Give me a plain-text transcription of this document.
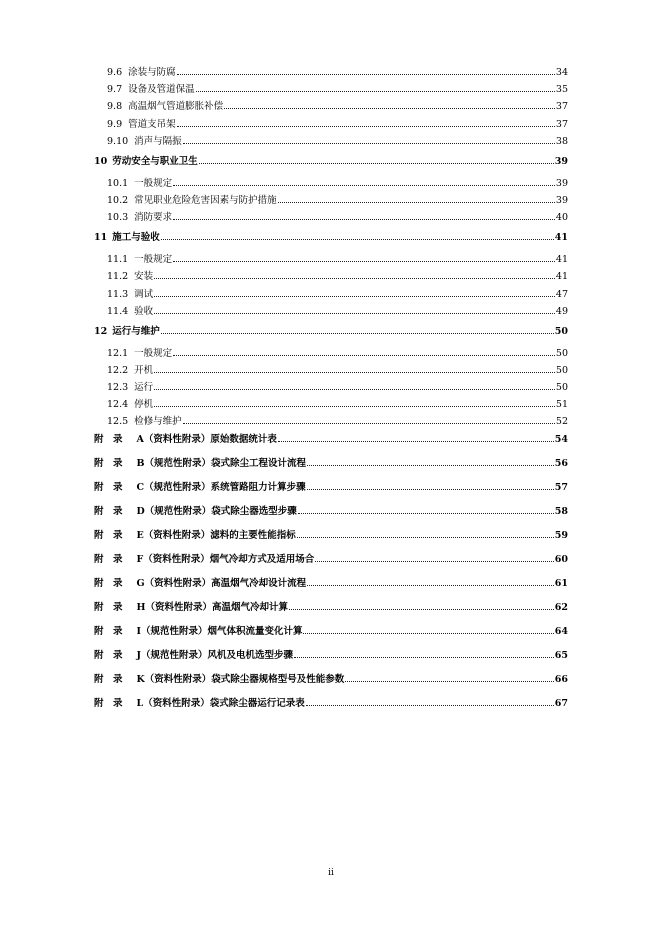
9.6 涂装与防腐	34
9.7 设备及管道保温	35
9.8 高温烟气管道膨胀补偿	37
9.9 管道支吊架	37
9.10 消声与隔振	38
10 劳动安全与职业卫生	39
10.1 一般规定	39
10.2 常见职业危险危害因素与防护措施	39
10.3 消防要求	40
11 施工与验收	41
11.1 一般规定	41
11.2 安装	41
11.3 调试	47
11.4 验收	49
12 运行与维护	50
12.1 一般规定	50
12.2 开机	50
12.3 运行	50
12.4 停机	51
12.5 检修与维护	52
附　录 A（资料性附录）原始数据统计表	54
附　录 B（规范性附录）袋式除尘工程设计流程	56
附　录 C（规范性附录）系统管路阻力计算步骤	57
附　录 D（规范性附录）袋式除尘器选型步骤	58
附　录 E（资料性附录）滤料的主要性能指标	59
附　录 F（资料性附录）烟气冷却方式及适用场合	60
附　录 G（资料性附录）高温烟气冷却设计流程	61
附　录 H（资料性附录）高温烟气冷却计算	62
附　录 I（规范性附录）烟气体积流量变化计算	64
附　录 J（规范性附录）风机及电机选型步骤	65
附　录 K（资料性附录）袋式除尘器规格型号及性能参数	66
附　录 L（资料性附录）袋式除尘器运行记录表	67
ii
